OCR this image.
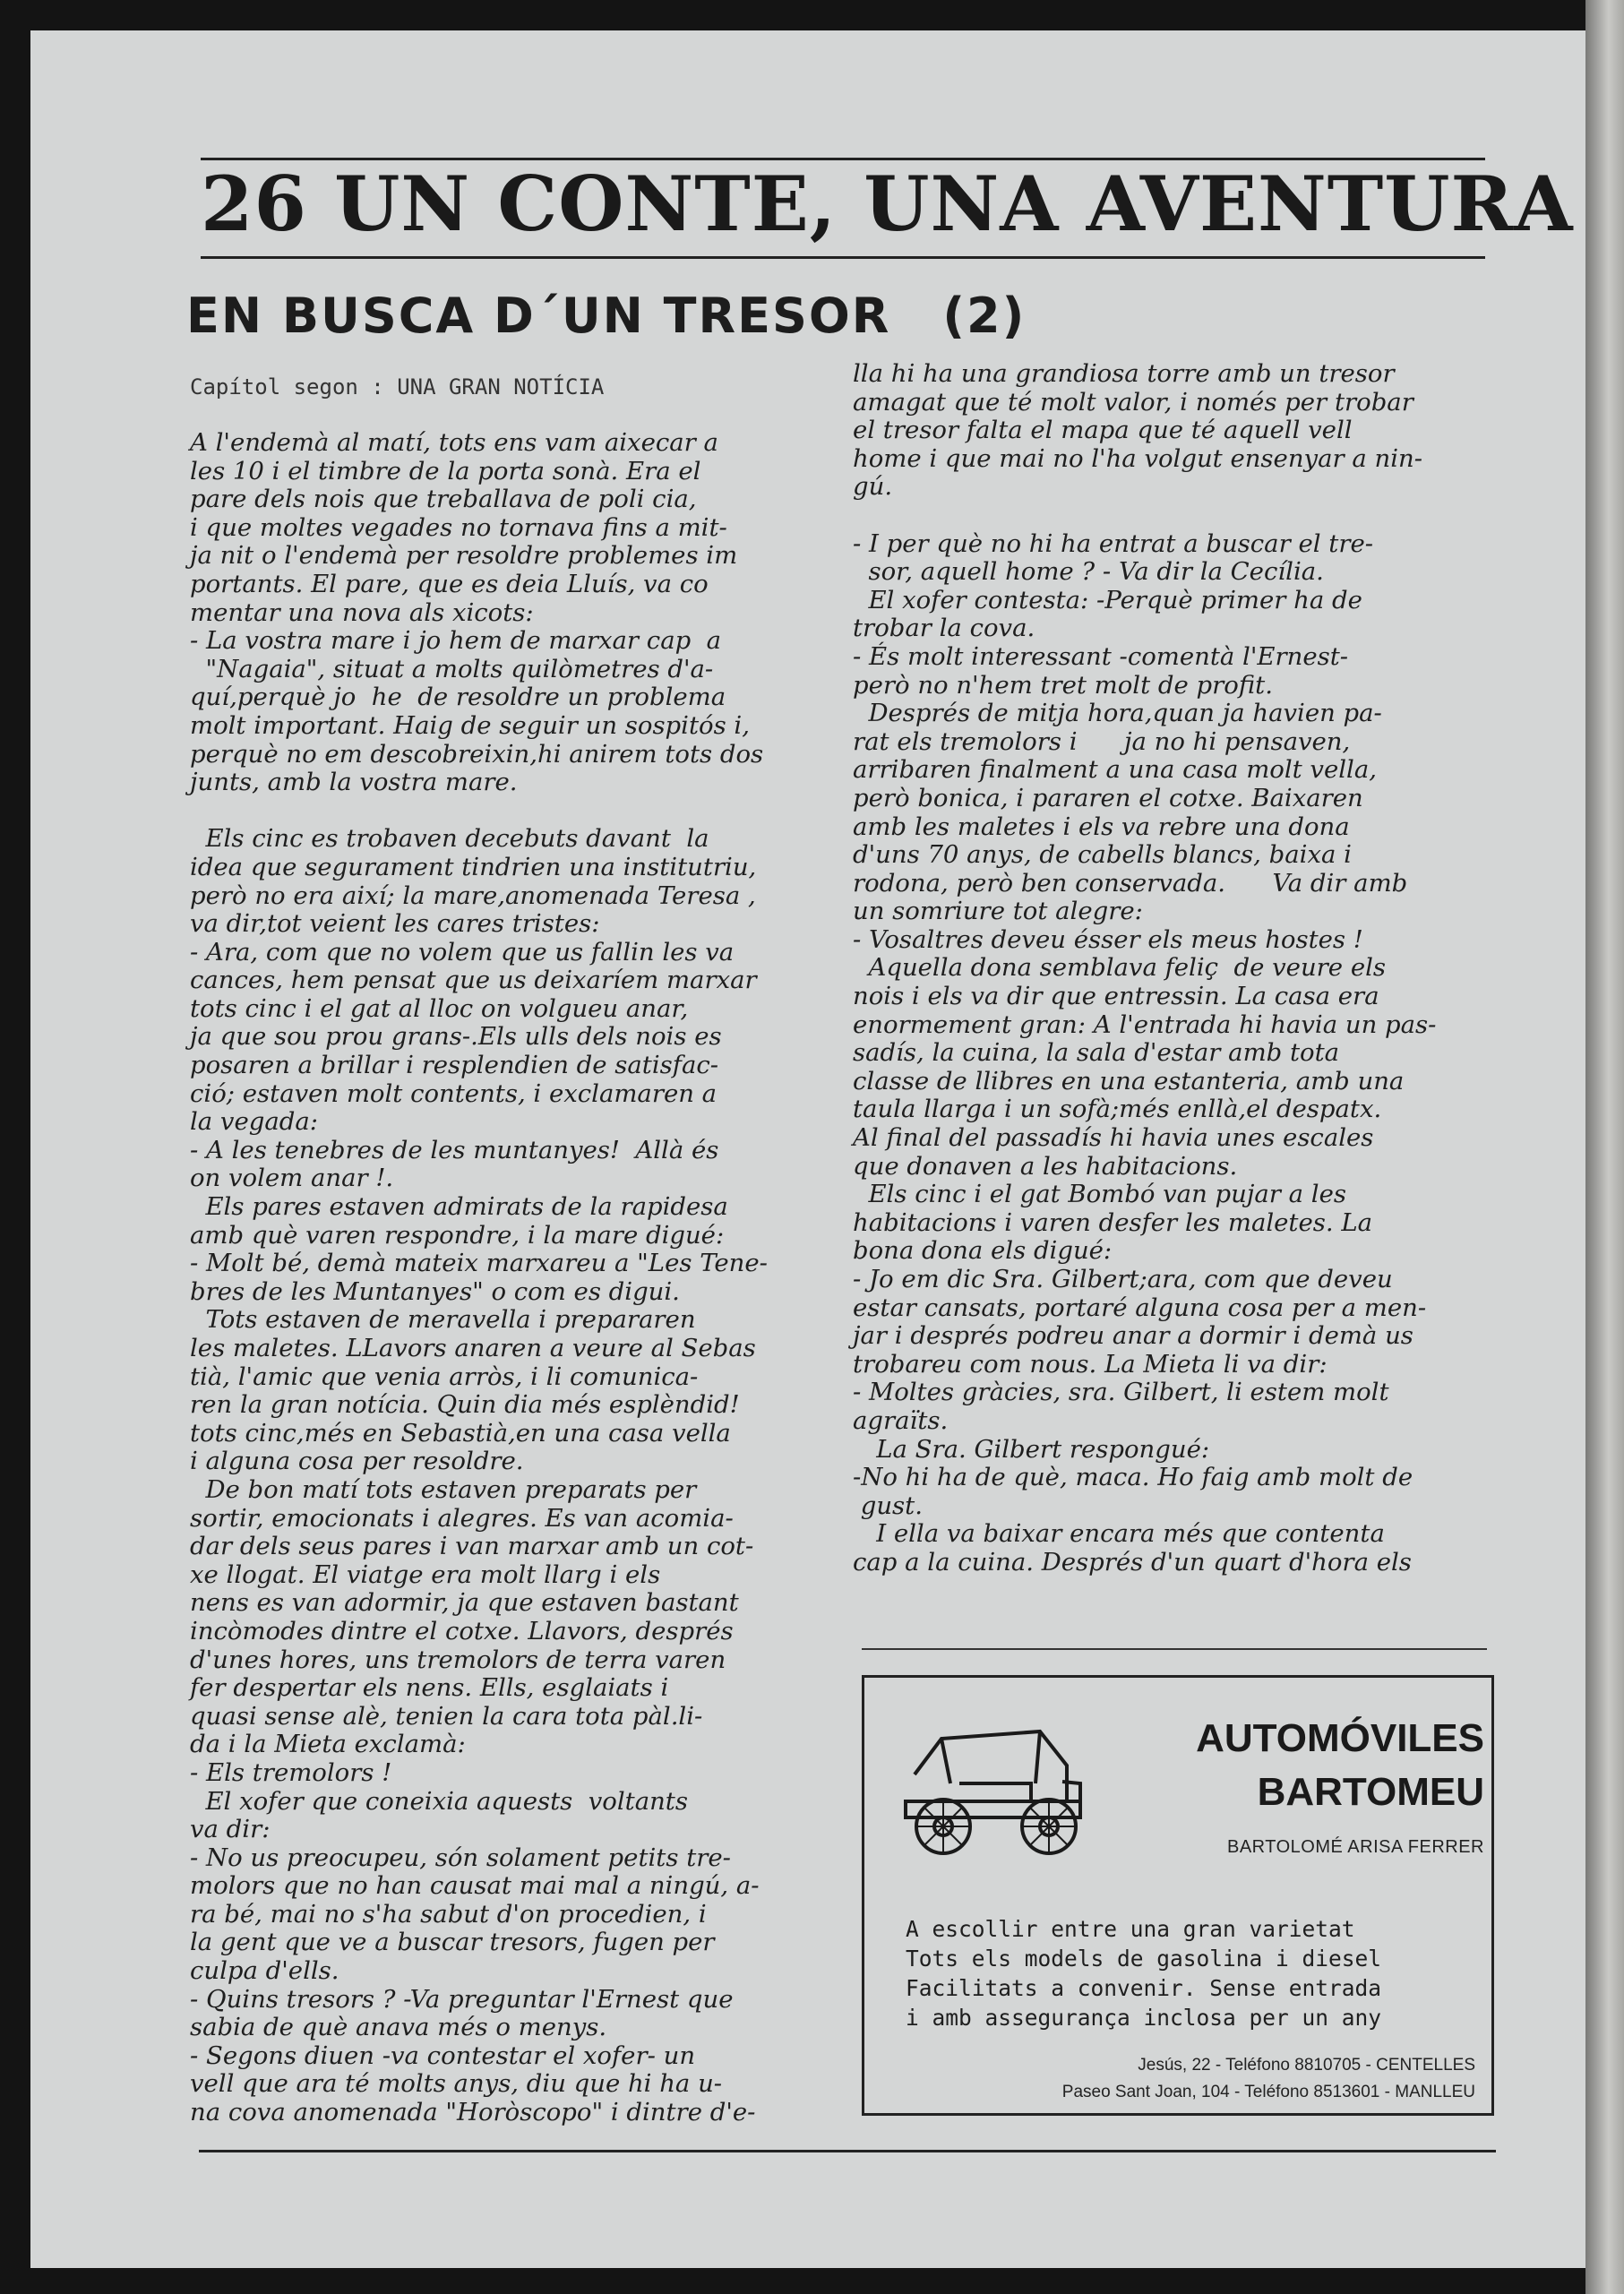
26 UN CONTE, UNA AVENTURA
EN BUSCA D´UN TRESOR (2)
Capítol segon : UNA GRAN NOTÍCIA
A l'endemà al matí, tots ens vam aixecar a
les 10 i el timbre de la porta sonà. Era el
pare dels nois que treballava de poli cia,
i que moltes vegades no tornava fins a mit-
ja nit o l'endemà per resoldre problemes im
portants. El pare, que es deia Lluís, va co
mentar una nova als xicots:
- La vostra mare i jo hem de marxar cap  a
"Nagaia", situat a molts quilòmetres d'a-
quí,perquè jo  he  de resoldre un problema
molt important. Haig de seguir un sospitós i,
perquè no em descobreixin,hi anirem tots dos
junts, amb la vostra mare.

Els cinc es trobaven decebuts davant  la
idea que segurament tindrien una institutriu,
però no era així; la mare,anomenada Teresa ,
va dir,tot veient les cares tristes:
- Ara, com que no volem que us fallin les va
cances, hem pensat que us deixaríem marxar
tots cinc i el gat al lloc on volgueu anar,
ja que sou prou grans-.Els ulls dels nois es
posaren a brillar i resplendien de satisfac-
ció; estaven molt contents, i exclamaren a
la vegada:
- A les tenebres de les muntanyes!  Allà és
on volem anar !.
Els pares estaven admirats de la rapidesa
amb què varen respondre, i la mare digué:
- Molt bé, demà mateix marxareu a "Les Tene-
bres de les Muntanyes" o com es digui.
Tots estaven de meravella i prepararen
les maletes. LLavors anaren a veure al Sebas
tià, l'amic que venia arròs, i li comunica-
ren la gran notícia. Quin dia més esplèndid!
tots cinc,més en Sebastià,en una casa vella
i alguna cosa per resoldre.
De bon matí tots estaven preparats per
sortir, emocionats i alegres. Es van acomia-
dar dels seus pares i van marxar amb un cot-
xe llogat. El viatge era molt llarg i els
nens es van adormir, ja que estaven bastant
incòmodes dintre el cotxe. Llavors, després
d'unes hores, uns tremolors de terra varen
fer despertar els nens. Ells, esglaiats i
quasi sense alè, tenien la cara tota pàl.li-
da i la Mieta exclamà:
- Els tremolors !
El xofer que coneixia aquests  voltants
va dir:
- No us preocupeu, són solament petits tre-
molors que no han causat mai mal a ningú, a-
ra bé, mai no s'ha sabut d'on procedien, i
la gent que ve a buscar tresors, fugen per
culpa d'ells.
- Quins tresors ? -Va preguntar l'Ernest que
sabia de què anava més o menys.
- Segons diuen -va contestar el xofer- un
vell que ara té molts anys, diu que hi ha u-
na cova anomenada "Horòscopo" i dintre d'e-
lla hi ha una grandiosa torre amb un tresor
amagat que té molt valor, i només per trobar
el tresor falta el mapa que té aquell vell
home i que mai no l'ha volgut ensenyar a nin-
gú.

- I per què no hi ha entrat a buscar el tre-
sor, aquell home ? - Va dir la Cecília.
El xofer contesta: -Perquè primer ha de
trobar la cova.
- És molt interessant -comentà l'Ernest-
però no n'hem tret molt de profit.
Després de mitja hora,quan ja havien pa-
rat els tremolors i      ja no hi pensaven,
arribaren finalment a una casa molt vella,
però bonica, i pararen el cotxe. Baixaren
amb les maletes i els va rebre una dona
d'uns 70 anys, de cabells blancs, baixa i
rodona, però ben conservada.      Va dir amb
un somriure tot alegre:
- Vosaltres deveu ésser els meus hostes !
Aquella dona semblava feliç  de veure els
nois i els va dir que entressin. La casa era
enormement gran: A l'entrada hi havia un pas-
sadís, la cuina, la sala d'estar amb tota
classe de llibres en una estanteria, amb una
taula llarga i un sofà;més enllà,el despatx.
Al final del passadís hi havia unes escales
que donaven a les habitacions.
Els cinc i el gat Bombó van pujar a les
habitacions i varen desfer les maletes. La
bona dona els digué:
- Jo em dic Sra. Gilbert;ara, com que deveu
estar cansats, portaré alguna cosa per a men-
jar i després podreu anar a dormir i demà us
trobareu com nous. La Mieta li va dir:
- Moltes gràcies, sra. Gilbert, li estem molt
agraïts.
La Sra. Gilbert respongué:
-No hi ha de què, maca. Ho faig amb molt de
gust.
I ella va baixar encara més que contenta
cap a la cuina. Després d'un quart d'hora els
AUTOMÓVILES
BARTOMEU
BARTOLOMÉ ARISA FERRER
A escollir entre una gran varietat
Tots els models de gasolina i diesel
Facilitats a convenir. Sense entrada
i amb assegurança inclosa per un any
Jesús, 22 - Teléfono 8810705 - CENTELLES
Paseo Sant Joan, 104 - Teléfono 8513601 - MANLLEU
